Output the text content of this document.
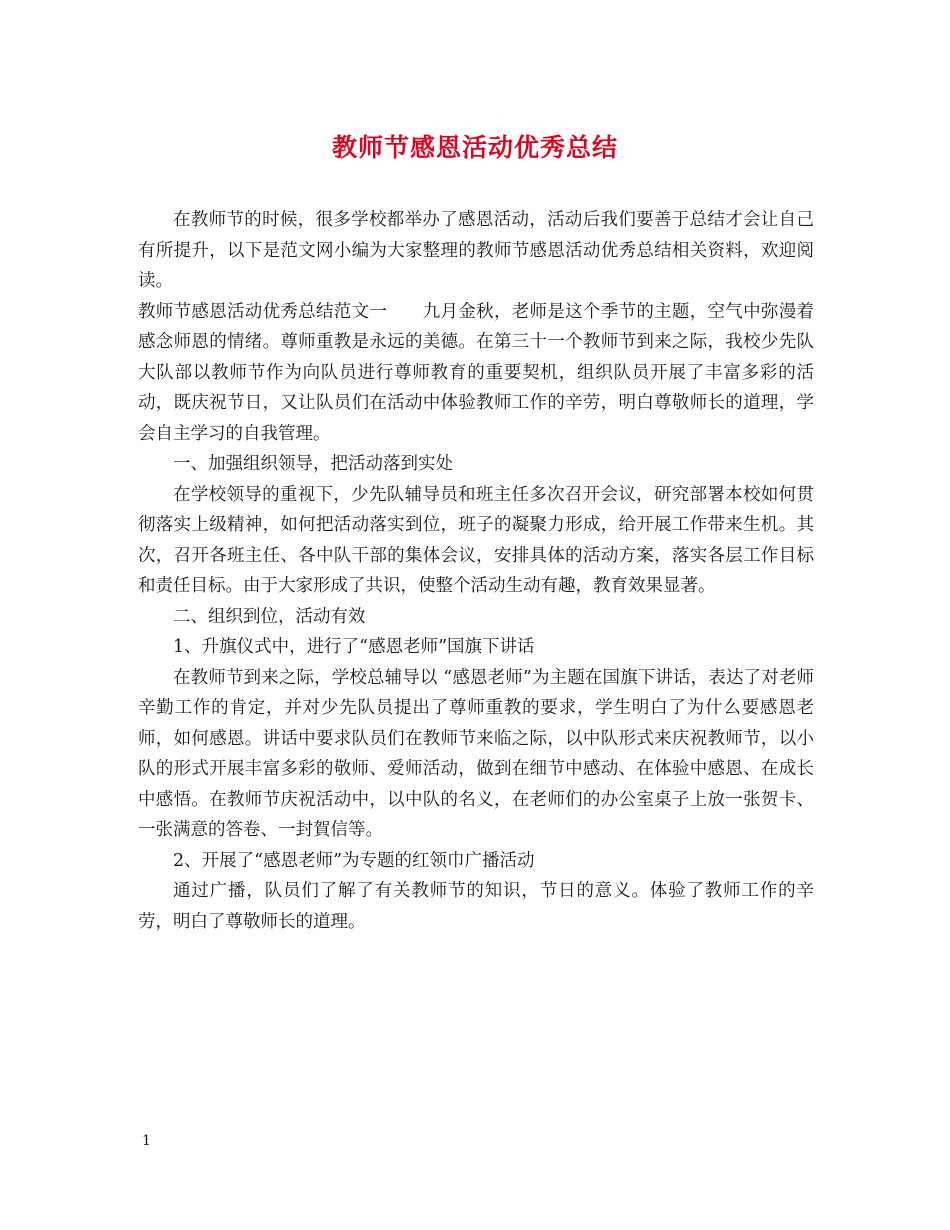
教师节感恩活动优秀总结

在教师节的时候，很多学校都举办了感恩活动，活动后我们要善于总结才会让自己有所提升，以下是范文网小编为大家整理的教师节感恩活动优秀总结相关资料，欢迎阅读。

教师节感恩活动优秀总结范文一　　九月金秋，老师是这个季节的主题，空气中弥漫着感念师恩的情绪。尊师重教是永远的美德。在第三十一个教师节到来之际，我校少先队大队部以教师节作为向队员进行尊师教育的重要契机，组织队员开展了丰富多彩的活动，既庆祝节日，又让队员们在活动中体验教师工作的辛劳，明白尊敬师长的道理，学会自主学习的自我管理。

一、加强组织领导，把活动落到实处

在学校领导的重视下，少先队辅导员和班主任多次召开会议，研究部署本校如何贯彻落实上级精神，如何把活动落实到位，班子的凝聚力形成，给开展工作带来生机。其次，召开各班主任、各中队干部的集体会议，安排具体的活动方案，落实各层工作目标和责任目标。由于大家形成了共识，使整个活动生动有趣，教育效果显著。

二、组织到位，活动有效

1、升旗仪式中，进行了“感恩老师”国旗下讲话

在教师节到来之际，学校总辅导以 “感恩老师”为主题在国旗下讲话，表达了对老师辛勤工作的肯定，并对少先队员提出了尊师重教的要求，学生明白了为什么要感恩老师，如何感恩。讲话中要求队员们在教师节来临之际，以中队形式来庆祝教师节，以小队的形式开展丰富多彩的敬师、爱师活动，做到在细节中感动、在体验中感恩、在成长中感悟。在教师节庆祝活动中，以中队的名义，在老师们的办公室桌子上放一张贺卡、一张满意的答卷、一封賀信等。

2、开展了“感恩老师”为专题的红领巾广播活动

通过广播，队员们了解了有关教师节的知识，节日的意义。体验了教师工作的辛劳，明白了尊敬师长的道理。

1
